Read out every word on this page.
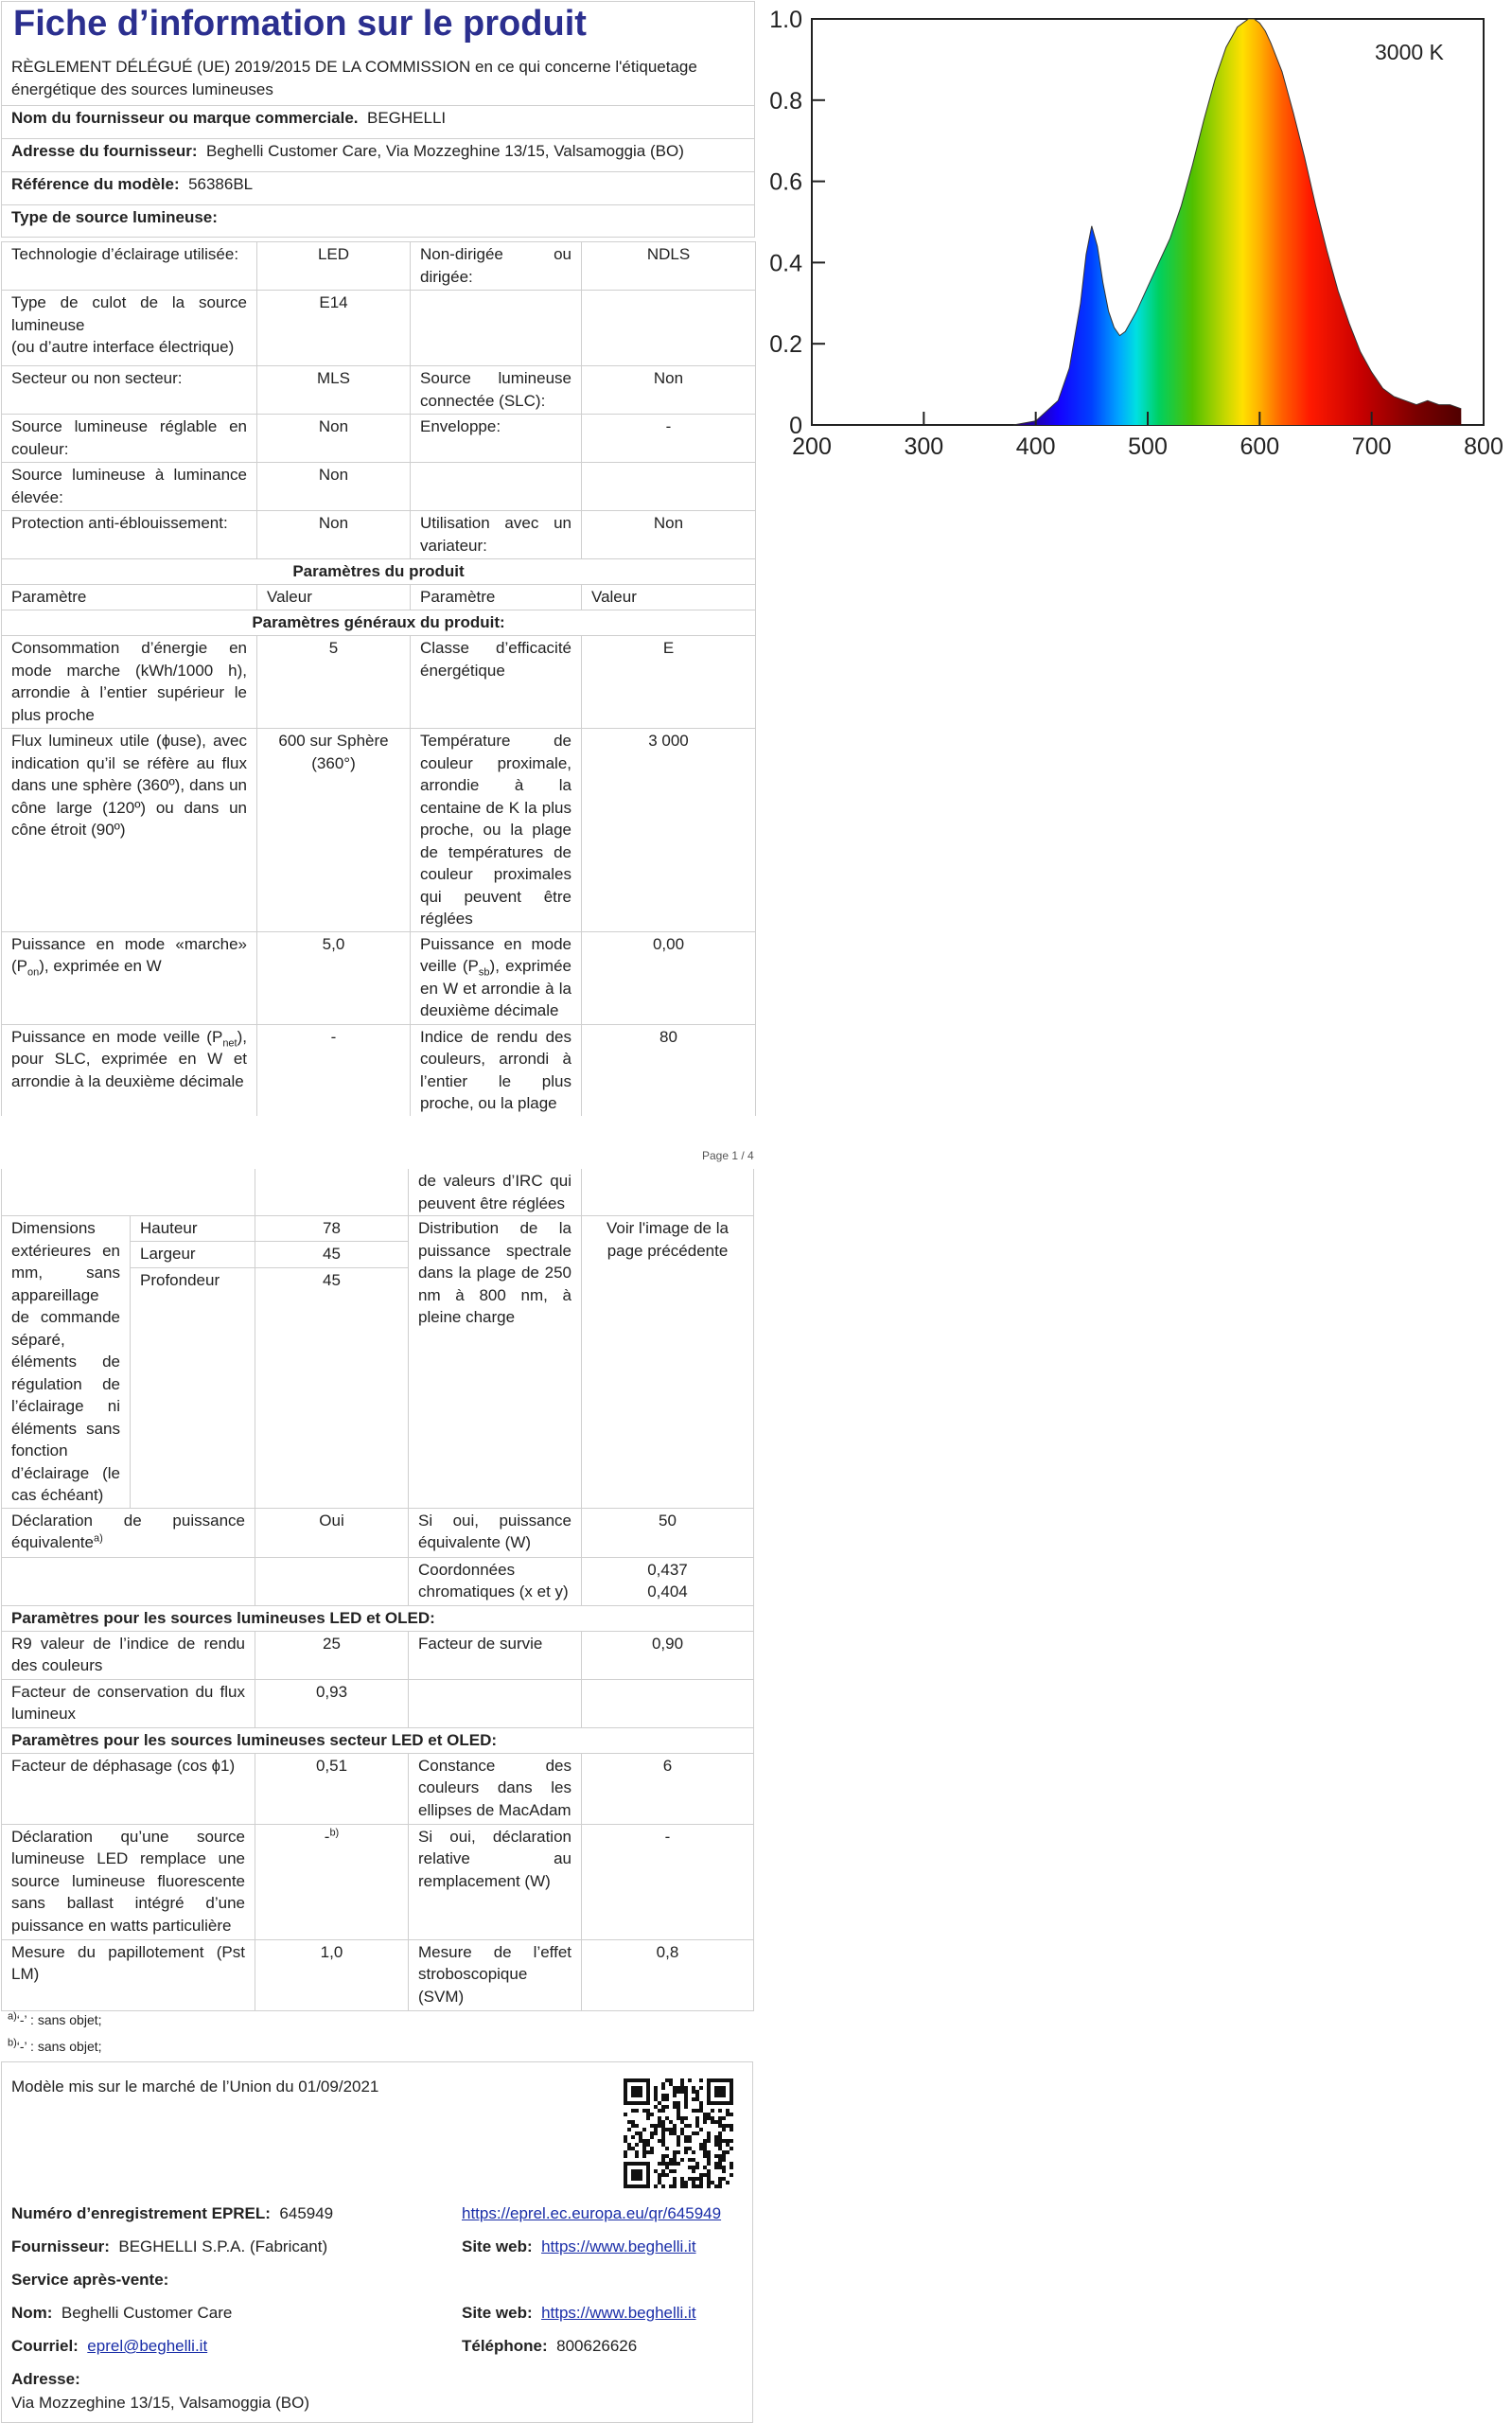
Fiche d’information sur le produit
RÈGLEMENT DÉLÉGUÉ (UE) 2019/2015 DE LA COMMISSION en ce qui concerne l'étiquetage énergétique des sources lumineuses
Nom du fournisseur ou marque commerciale. BEGHELLI
Adresse du fournisseur: Beghelli Customer Care, Via Mozzeghine 13/15, Valsamoggia (BO)
Référence du modèle: 56386BL
Type de source lumineuse:
200	300	400	500	600	700	800
0
0.2
0.4
0.6
0.8
1.0
3000 K
Technologie d’éclairage utilisée:	LED	Non-dirigée ou dirigée:	NDLS
Type de culot de la source lumineuse
(ou d’autre interface électrique)	E14		
Secteur ou non secteur:	MLS	Source lumineuse connectée (SLC):	Non
Source lumineuse réglable en couleur:	Non	Enveloppe:	-
Source lumineuse à luminance élevée:	Non		
Protection anti-éblouissement:	Non	Utilisation avec un variateur:	Non
Paramètres du produit			
Paramètre	Valeur	Paramètre	Valeur
Paramètres généraux du produit:			
Consommation d’énergie en mode marche (kWh/1000 h), arrondie à l’entier supérieur le plus proche	5	Classe d’efficacité énergétique	E
Flux lumineux utile (ɸuse), avec indication qu’il se réfère au flux dans une sphère (360º), dans un cône large (120º) ou dans un cône étroit (90º)	600 sur Sphère (360°)	Température de couleur proximale, arrondie à la centaine de K la plus proche, ou la plage de températures de couleur proximales qui peuvent être réglées	3 000
Puissance en mode «marche» $(P_{on})$, exprimée en W	5,0	Puissance en mode veille $(P_{sb})$, exprimée en W et arrondie à la deuxième décimale	0,00
Puissance en mode veille $(P_{net})$, pour SLC, exprimée en W et arrondie à la deuxième décimale	-	Indice de rendu des couleurs, arrondi à l’entier le plus proche, ou la plage	80
Page 1 / 4
			de valeurs d’IRC qui peuvent être réglées	
Dimensions extérieures en mm, sans appareillage de commande séparé, éléments de régulation de l’éclairage ni éléments sans fonction d’éclairage (le cas échéant)	Hauteur	78	Distribution de la puissance spectrale dans la plage de 250 nm à 800 nm, à pleine charge	Voir l'image de la page précédente
	Largeur	45		
	Profondeur	45		
Déclaration de puissance équivalente$^{a)}$		Oui	Si oui, puissance équivalente (W)	50
			Coordonnées chromatiques (x et y)	0,437
0,404
Paramètres pour les sources lumineuses LED et OLED:				
R9 valeur de l’indice de rendu des couleurs		25	Facteur de survie	0,90
Facteur de conservation du flux lumineux		0,93		
Paramètres pour les sources lumineuses secteur LED et OLED:				
Facteur de déphasage (cos ɸ1)		0,51	Constance des couleurs dans les ellipses de MacAdam	6
Déclaration qu’une source lumineuse LED remplace une source lumineuse fluorescente sans ballast intégré d’une puissance en watts particulière		-$^{b)}$	Si oui, déclaration relative au remplacement (W)	-
Mesure du papillotement (Pst LM)		1,0	Mesure de l’effet stroboscopique (SVM)	0,8
$^{a)}$‘-’ : sans objet;
$^{b)}$‘-’ : sans objet;
Modèle mis sur le marché de l’Union du 01/09/2021
Numéro d’enregistrement EPREL: 645949	https://eprel.ec.europa.eu/qr/645949
Fournisseur: BEGHELLI S.P.A. (Fabricant)	Site web: https://www.beghelli.it
Service après-vente:
Nom: Beghelli Customer Care	Site web: https://www.beghelli.it
Courriel: eprel@beghelli.it	Téléphone: 800626626
Adresse:
Via Mozzeghine 13/15, Valsamoggia (BO)
